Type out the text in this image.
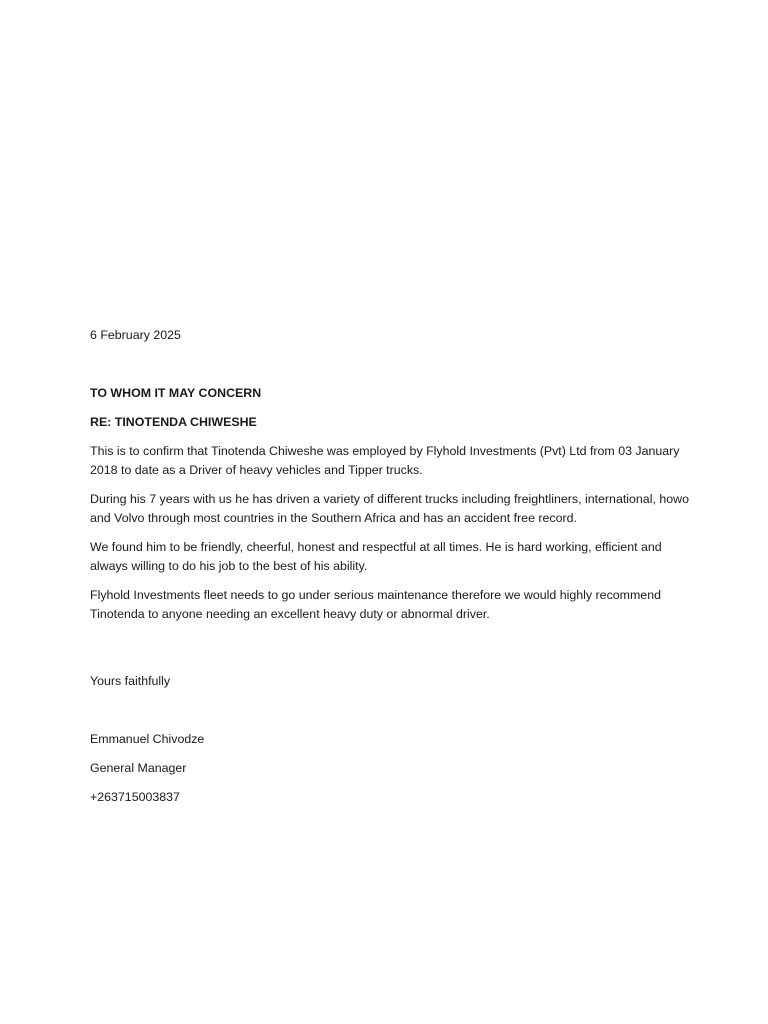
6 February 2025

TO WHOM IT MAY CONCERN

RE: TINOTENDA CHIWESHE

This is to confirm that Tinotenda Chiweshe was employed by Flyhold Investments (Pvt) Ltd from 03 January 2018 to date as a Driver of heavy vehicles and Tipper trucks.

During his 7 years with us he has driven a variety of different trucks including freightliners, international, howo and Volvo through most countries in the Southern Africa and has an accident free record.

We found him to be friendly, cheerful, honest and respectful at all times. He is hard working, efficient and always willing to do his job to the best of his ability.

Flyhold Investments fleet needs to go under serious maintenance therefore we would highly recommend Tinotenda to anyone needing an excellent heavy duty or abnormal driver.

Yours faithfully

Emmanuel Chivodze

General Manager

+263715003837
